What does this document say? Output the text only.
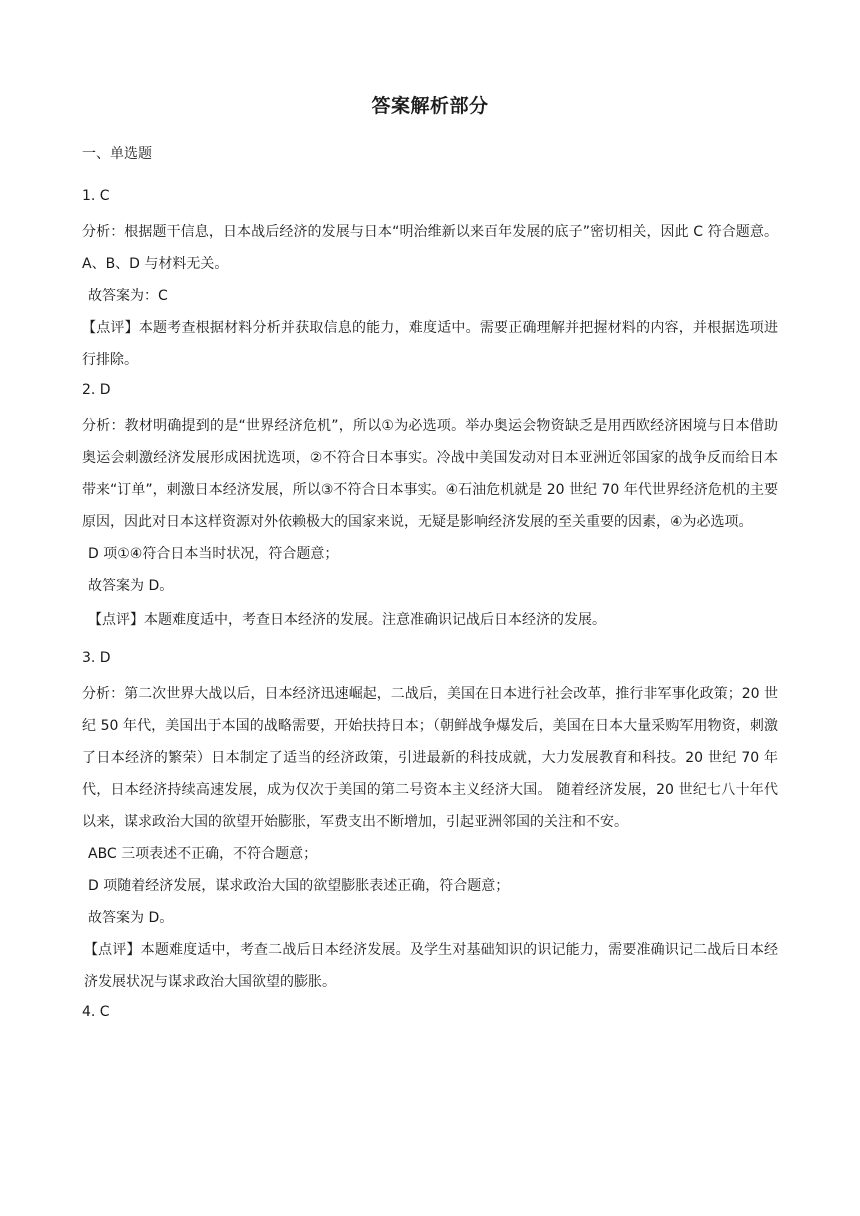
答案解析部分
一、单选题
1. C
分析：根据题干信息，日本战后经济的发展与日本“明治维新以来百年发展的底子”密切相关，因此 C 符合题意。A、B、D 与材料无关。
故答案为：C
【点评】本题考查根据材料分析并获取信息的能力，难度适中。需要正确理解并把握材料的内容，并根据选项进行排除。
2. D
分析：教材明确提到的是“世界经济危机”，所以①为必选项。举办奥运会物资缺乏是用西欧经济困境与日本借助奥运会刺激经济发展形成困扰选项，②不符合日本事实。冷战中美国发动对日本亚洲近邻国家的战争反而给日本带来“订单”，刺激日本经济发展，所以③不符合日本事实。④石油危机就是 20 世纪 70 年代世界经济危机的主要原因，因此对日本这样资源对外依赖极大的国家来说，无疑是影响经济发展的至关重要的因素，④为必选项。
D 项①④符合日本当时状况，符合题意；
故答案为 D。
【点评】本题难度适中，考查日本经济的发展。注意准确识记战后日本经济的发展。
3. D
分析：第二次世界大战以后，日本经济迅速崛起，二战后，美国在日本进行社会改革，推行非军事化政策；20 世纪 50 年代，美国出于本国的战略需要，开始扶持日本；（朝鲜战争爆发后，美国在日本大量采购军用物资，刺激了日本经济的繁荣）日本制定了适当的经济政策，引进最新的科技成就，大力发展教育和科技。20 世纪 70 年代，日本经济持续高速发展，成为仅次于美国的第二号资本主义经济大国。 随着经济发展，20 世纪七八十年代以来，谋求政治大国的欲望开始膨胀，军费支出不断增加，引起亚洲邻国的关注和不安。
ABC 三项表述不正确，不符合题意；
D 项随着经济发展，谋求政治大国的欲望膨胀表述正确，符合题意；
故答案为 D。
【点评】本题难度适中，考查二战后日本经济发展。及学生对基础知识的识记能力，需要准确识记二战后日本经济发展状况与谋求政治大国欲望的膨胀。
4. C
